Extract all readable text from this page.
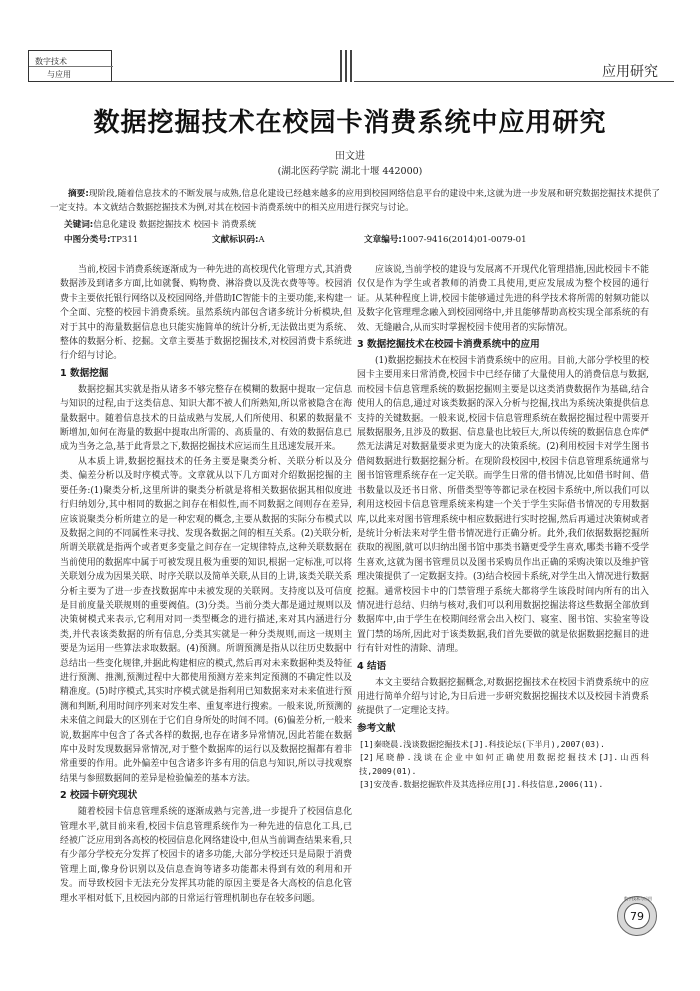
数字技术
与应用	应用研究
数据挖掘技术在校园卡消费系统中应用研究
田文进
(湖北医药学院 湖北十堰 442000)
摘要:现阶段,随着信息技术的不断发展与成熟,信息化建设已经越来越多的应用到校园网络信息平台的建设中来,这就为进一步发展和研究数据挖掘技术提供了一定支持。本文就结合数据挖掘技术为例,对其在校园卡消费系统中的相关应用进行探究与讨论。
关键词:信息化建设 数据挖掘技术 校园卡 消费系统
中图分类号:TP311	文献标识码:A	文章编号:1007-9416(2014)01-0079-01

当前,校园卡消费系统逐渐成为一种先进的高校现代化管理方式,其消费数据涉及到诸多方面,比如就餐、购物费、淋浴费以及洗衣费等等。校园消费卡主要依托银行网络以及校园网络,并借助IC智能卡的主要功能,来构建一个全面、完整的校园卡消费系统。虽然系统内部包含诸多统计分析模块,但对于其中的海量数据信息也只能实施简单的统计分析,无法做出更为系统、整体的数据分析、挖掘。文章主要基于数据挖掘技术,对校园消费卡系统进行介绍与讨论。

1 数据挖掘

数据挖掘其实就是指从诸多不够完整存在模糊的数据中提取一定信息与知识的过程,由于这类信息、知识大都不被人们所熟知,所以常被隐含在海量数据中。随着信息技术的日益成熟与发展,人们所使用、积累的数据量不断增加,如何在海量的数据中提取出所需的、高质量的、有效的数据信息已成为当务之急,基于此背景之下,数据挖掘技术应运而生且迅速发展开来。

从本质上讲,数据挖掘技术的任务主要是聚类分析、关联分析以及分类、偏差分析以及时序模式等。文章就从以下几方面对介绍数据挖掘的主要任务:(1)聚类分析,这里所讲的聚类分析就是将相关数据依据其相似度进行归纳划分,其中相同的数据之间存在相似性,而不同数据之间则存在差异,应该说聚类分析所建立的是一种宏观的概念,主要从数据的实际分布模式以及数据之间的不同属性来寻找、发现各数据之间的相互关系。(2)关联分析,所谓关联就是指两个或者更多变量之间存在一定规律特点,这种关联数据在当前使用的数据库中属于可被发现且极为重要的知识,根据一定标准,可以将关联划分成为因果关联、时序关联以及简单关联,从目的上讲,该类关联关系分析主要为了进一步查找数据库中未被发现的关联网。支持度以及可信度是目前度量关联规则的重要阀值。(3)分类。当前分类大都是通过规则以及决策树模式来表示,它利用对同一类型概念的进行描述,来对其内涵进行分类,并代表该类数据的所有信息,分类其实就是一种分类规则,而这一规则主要是为运用一些算法求取数据。(4)预测。所谓预测是指从以往历史数据中总结出一些变化规律,并据此构建相应的模式,然后再对未来数据种类及特征进行预测、推测,预测过程中大都使用预测方差来判定预测的不确定性以及精准度。(5)时序模式,其实时序模式就是指利用已知数据来对未来值进行预测和判断,利用时间序列来对发生率、重复率进行搜索。一般来说,所预测的未来值之间最大的区别在于它们自身所处的时间不同。(6)偏差分析,一般来说,数据库中包含了各式各样的数据,也存在诸多异常情况,因此若能在数据库中及时发现数据异常情况,对于整个数据库的运行以及数据挖掘都有着非常重要的作用。此外偏差中包含诸多许多有用的信息与知识,所以寻找观察结果与参照数据间的差异是检验偏差的基本方法。

2 校园卡研究现状

随着校园卡信息管理系统的逐渐成熟与完善,进一步提升了校园信息化管理水平,就目前来看,校园卡信息管理系统作为一种先进的信息化工具,已经被广泛应用到各高校的校园信息化网络建设中,但从当前调查结果来看,只有少部分学校充分发挥了校园卡的诸多功能,大部分学校还只是局限于消费管理上面,像身份识别以及信息查询等诸多功能都未得到有效的利用和开发。而导致校园卡无法充分发挥其功能的原因主要是各大高校的信息化管理水平相对低下,且校园内部的日常运行管理机制也存在较多问题。

应该说,当前学校的建设与发展离不开现代化管理措施,因此校园卡不能仅仅是作为学生或者教师的消费工具使用,更应发展成为整个校园的通行证。从某种程度上讲,校园卡能够通过先进的科学技术将所需的射频功能以及数字化管理理念融入到校园网络中,并且能够帮助高校实现全部系统的有效、无缝融合,从而实时掌握校园卡使用者的实际情况。

3 数据挖掘技术在校园卡消费系统中的应用

(1)数据挖掘技术在校园卡消费系统中的应用。目前,大部分学校里的校园卡主要用来日常消费,校园卡中已经存储了大量使用人的消费信息与数据,而校园卡信息管理系统的数据挖掘则主要是以这类消费数据作为基础,结合使用人的信息,通过对该类数据的深入分析与挖掘,找出为系统决策提供信息支持的关键数据。一般来说,校园卡信息管理系统在数据挖掘过程中需要开展数据服务,且涉及的数据、信息量也比较巨大,所以传统的数据信息仓库俨然无法满足对数据量要求更为庞大的决策系统。(2)利用校园卡对学生图书借阅数据进行数据挖掘分析。在现阶段校园中,校园卡信息管理系统通常与图书馆管理系统存在一定关联。而学生日常的借书情况,比如借书时间、借书数量以及还书日常、所借类型等等都记录在校园卡系统中,所以我们可以利用这校园卡信息管理系统来构建一个关于学生实际借书情况的专用数据库,以此来对图书管理系统中相应数据进行实时挖掘,然后再通过决策树或者是统计分析法来对学生借书情况进行正确分析。此外,我们依据数据挖掘所获取的视图,就可以归纳出图书馆中那类书籍更受学生喜欢,哪类书籍不受学生喜欢,这就为图书管理员以及图书采购员作出正确的采购决策以及维护管理决策提供了一定数据支持。(3)结合校园卡系统,对学生出入情况进行数据挖掘。通常校园卡中的门禁管理子系统大都将学生该段时间内所有的出入情况进行总结、归纳与核对,我们可以利用数据挖掘法将这些数据全部放到数据库中,由于学生在校期间经常会出入校门、寝室、图书馆、实验室等设置门禁的场所,因此对于该类数据,我们首先要做的就是依据数据挖掘目的进行有针对性的清除、清理。

4 结语

本文主要结合数据挖掘概念,对数据挖掘技术在校园卡消费系统中的应用进行简单介绍与讨论,为日后进一步研究数据挖掘技术以及校园卡消费系统提供了一定理论支持。

参考文献

[1]秦晓晨.浅谈数据挖掘技术[J].科技论坛(下半月),2007(03).

[2]尾晓静.浅谈在企业中如何正确使用数据挖掘技术[J].山西科技,2009(01).

[3]安茂香.数据挖掘软件及其选择应用[J].科技信息,2006(11).

数字技术与应用
79
